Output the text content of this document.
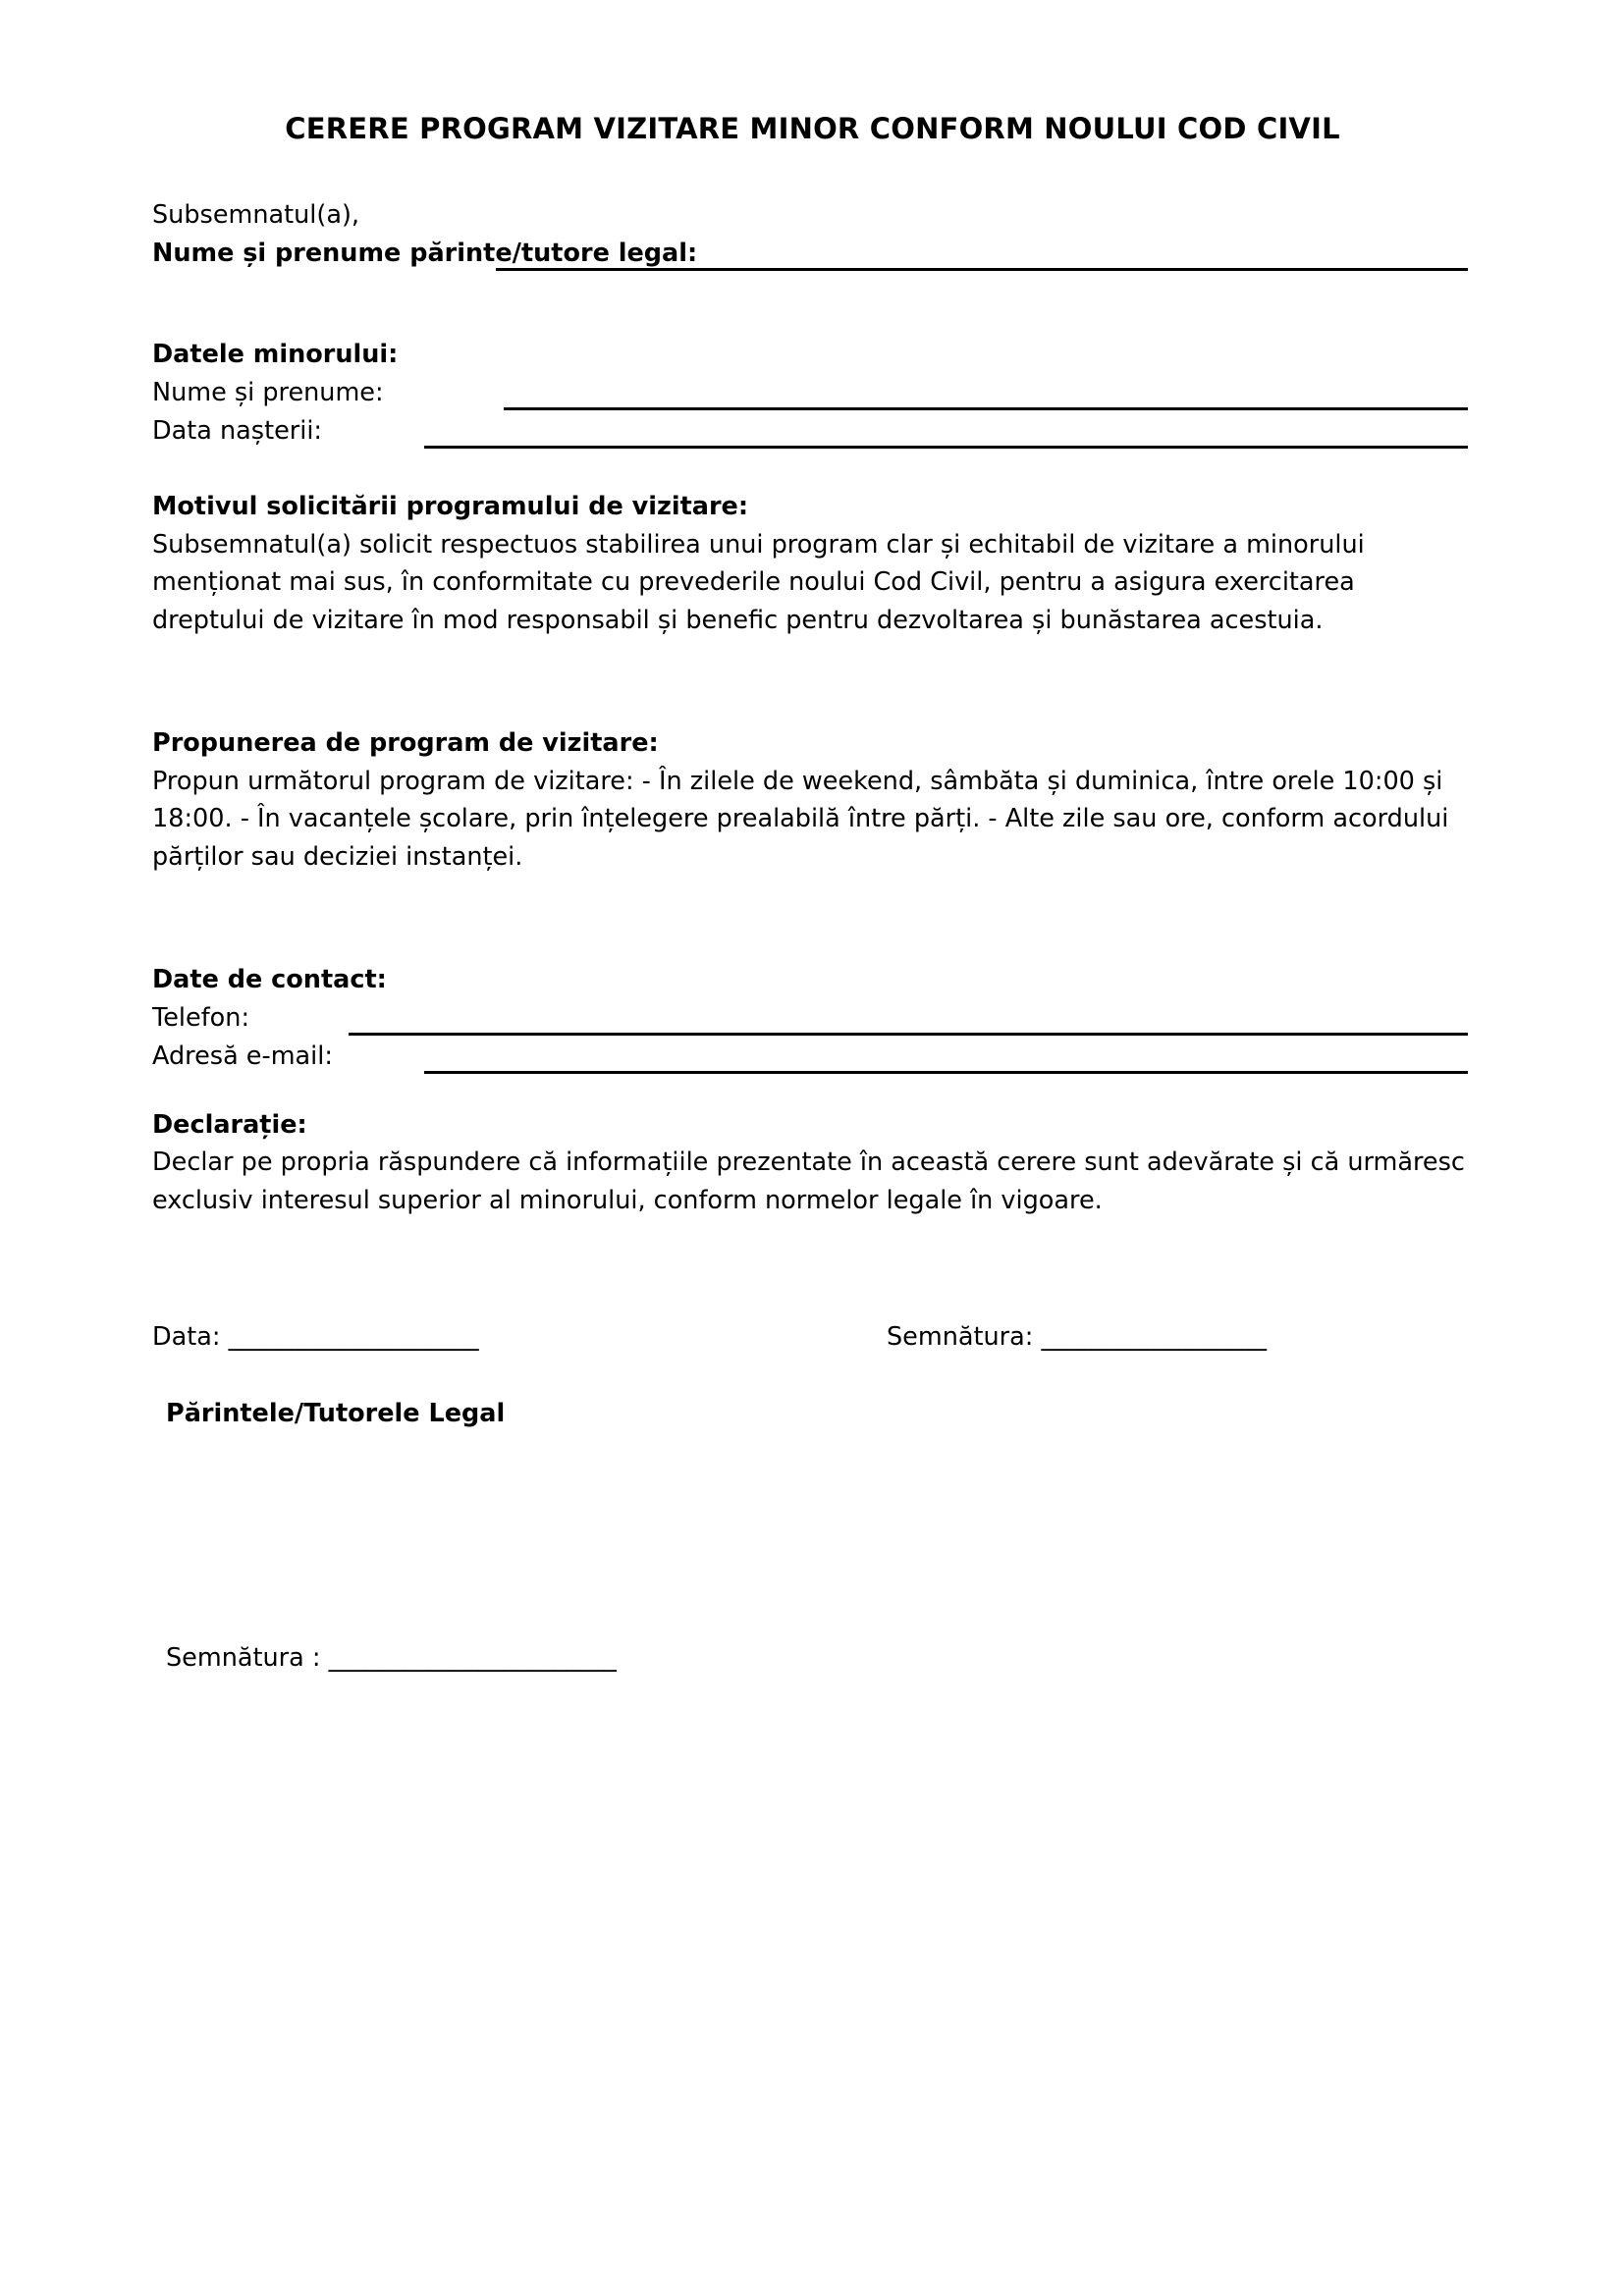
CERERE PROGRAM VIZITARE MINOR CONFORM NOULUI COD CIVIL

Subsemnatul(a),

Nume și prenume părinte/tutore legal:

Datele minorului:

Nume și prenume:
Data nașterii:

Motivul solicitării programului de vizitare:

Subsemnatul(a) solicit respectuos stabilirea unui program clar și echitabil de vizitare a minorului menționat mai sus, în conformitate cu prevederile noului Cod Civil, pentru a asigura exercitarea dreptului de vizitare în mod responsabil și benefic pentru dezvoltarea și bunăstarea acestuia.

Propunerea de program de vizitare:

Propun următorul program de vizitare: - În zilele de weekend, sâmbăta și duminica, între orele 10:00 și 18:00. - În vacanțele școlare, prin înțelegere prealabilă între părți. - Alte zile sau ore, conform acordului părților sau deciziei instanței.

Date de contact:

Telefon:
Adresă e-mail:

Declarație:

Declar pe propria răspundere că informațiile prezentate în această cerere sunt adevărate și că urmăresc exclusiv interesul superior al minorului, conform normelor legale în vigoare.

Data: ____________________	Semnătura: __________________

Părintele/Tutorele Legal

Semnătura : _______________________
